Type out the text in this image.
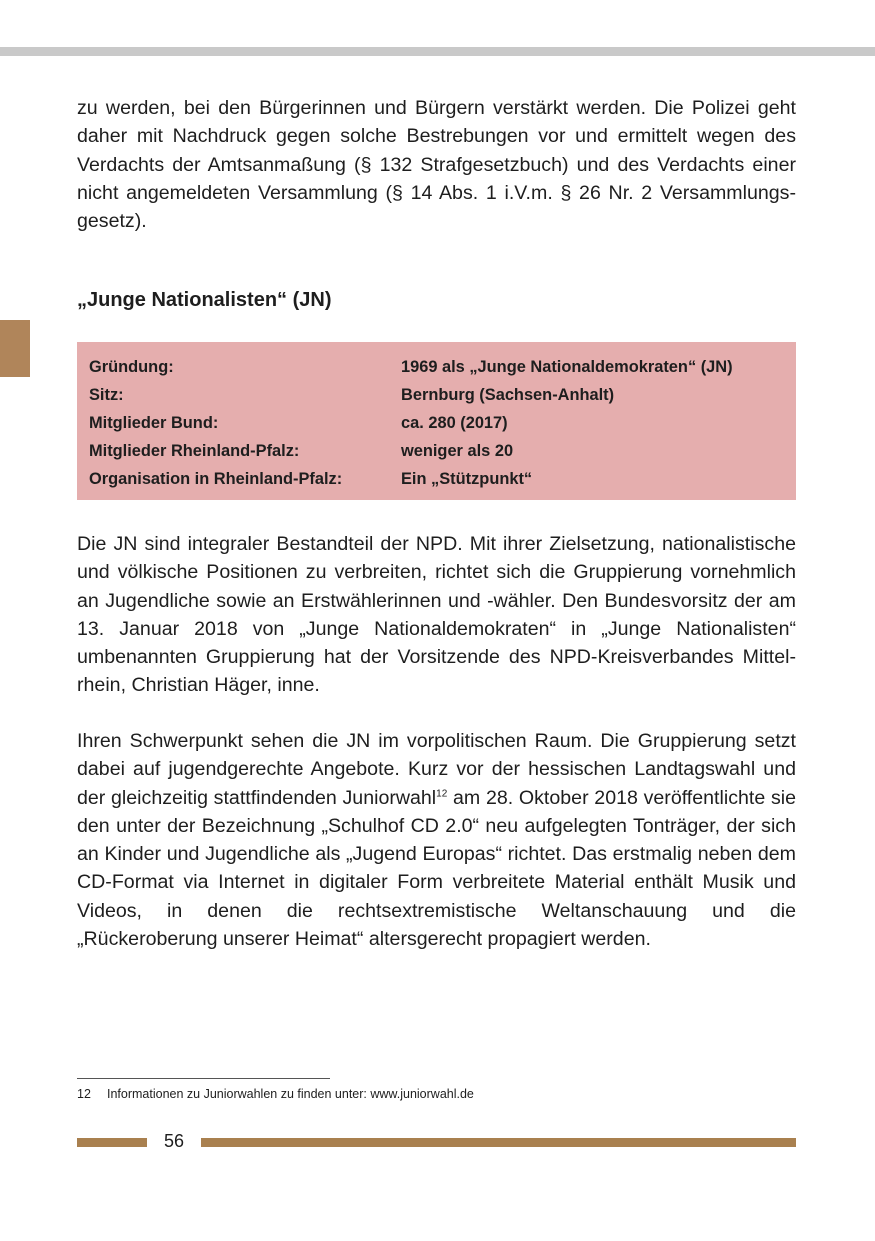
zu werden, bei den Bürgerinnen und Bürgern verstärkt werden. Die Polizei geht daher mit Nachdruck gegen solche Bestrebungen vor und ermittelt wegen des Verdachts der Amtsanmaßung (§ 132 Strafgesetzbuch) und des Verdachts einer nicht angemeldeten Versammlung (§ 14 Abs. 1 i.V.m. § 26 Nr. 2 Versammlungsgesetz).

„Junge Nationalisten“ (JN)
Gründung:	1969 als „Junge Nationaldemokraten“ (JN)
Sitz:	Bernburg (Sachsen-Anhalt)
Mitglieder Bund:	ca. 280 (2017)
Mitglieder Rheinland-Pfalz:	weniger als 20
Organisation in Rheinland-Pfalz:	Ein „Stützpunkt“

Die JN sind integraler Bestandteil der NPD. Mit ihrer Zielsetzung, nationalistische und völkische Positionen zu verbreiten, richtet sich die Gruppierung vornehmlich an Jugendliche sowie an Erstwählerinnen und -wähler. Den Bundesvorsitz der am 13. Januar 2018 von „Junge Nationaldemokraten“ in „Junge Nationalisten“ umbenannten Gruppierung hat der Vorsitzende des NPD-Kreisverbandes Mittelrhein, Christian Häger, inne.

Ihren Schwerpunkt sehen die JN im vorpolitischen Raum. Die Gruppierung setzt dabei auf jugendgerechte Angebote. Kurz vor der hessischen Landtagswahl und der gleichzeitig stattfindenden Juniorwahl$^{12}$ am 28. Oktober 2018 veröffentlichte sie den unter der Bezeichnung „Schulhof CD 2.0“ neu aufgelegten Tonträger, der sich an Kinder und Jugendliche als „Jugend Europas“ richtet. Das erstmalig neben dem CD-Format via Internet in digitaler Form verbreitete Material enthält Musik und Videos, in denen die rechtsextremistische Weltanschauung und die „Rückeroberung unserer Heimat“ altersgerecht propagiert werden.

12 Informationen zu Juniorwahlen zu finden unter: www.juniorwahl.de
56
